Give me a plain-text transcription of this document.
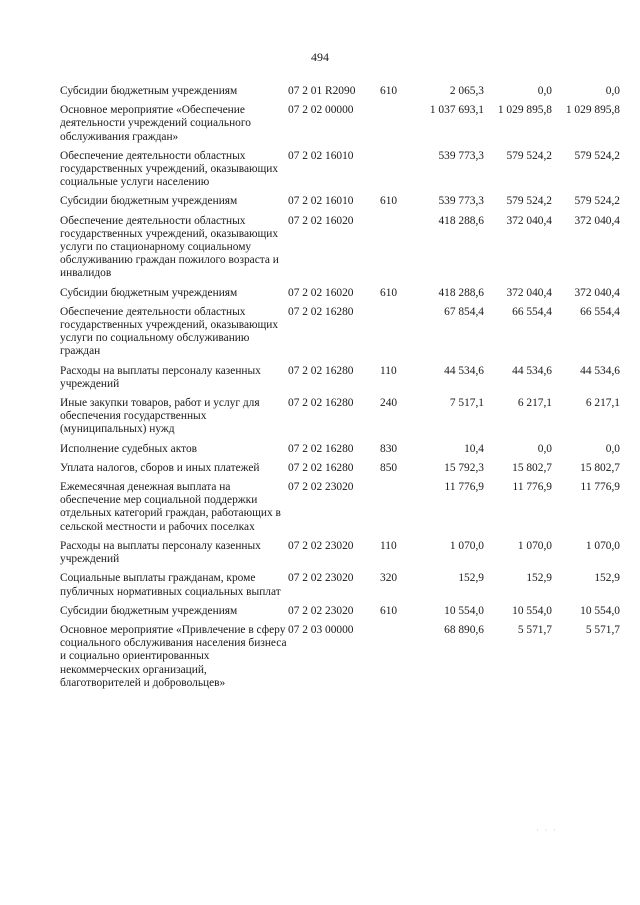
494
Субсидии бюджетным учреждениям	07 2 01 R2090	610	2 065,3	0,0	0,0
Основное мероприятие «Обеспечение деятельности учреждений социального обслуживания граждан»	07 2 02 00000		1 037 693,1	1 029 895,8	1 029 895,8
Обеспечение деятельности областных государственных учреждений, оказывающих социальные услуги населению	07 2 02 16010		539 773,3	579 524,2	579 524,2
Субсидии бюджетным учреждениям	07 2 02 16010	610	539 773,3	579 524,2	579 524,2
Обеспечение деятельности областных государственных учреждений, оказывающих услуги по стационарному социальному обслуживанию граждан пожилого возраста и инвалидов	07 2 02 16020		418 288,6	372 040,4	372 040,4
Субсидии бюджетным учреждениям	07 2 02 16020	610	418 288,6	372 040,4	372 040,4
Обеспечение деятельности областных государственных учреждений, оказывающих услуги по социальному обслуживанию граждан	07 2 02 16280		67 854,4	66 554,4	66 554,4
Расходы на выплаты персоналу казенных учреждений	07 2 02 16280	110	44 534,6	44 534,6	44 534,6
Иные закупки товаров, работ и услуг для обеспечения государственных (муниципальных) нужд	07 2 02 16280	240	7 517,1	6 217,1	6 217,1
Исполнение судебных актов	07 2 02 16280	830	10,4	0,0	0,0
Уплата налогов, сборов и иных платежей	07 2 02 16280	850	15 792,3	15 802,7	15 802,7
Ежемесячная денежная выплата на обеспечение мер социальной поддержки отдельных категорий граждан, работающих в сельской местности и рабочих поселках	07 2 02 23020		11 776,9	11 776,9	11 776,9
Расходы на выплаты персоналу казенных учреждений	07 2 02 23020	110	1 070,0	1 070,0	1 070,0
Социальные выплаты гражданам, кроме публичных нормативных социальных выплат	07 2 02 23020	320	152,9	152,9	152,9
Субсидии бюджетным учреждениям	07 2 02 23020	610	10 554,0	10 554,0	10 554,0
Основное мероприятие «Привлечение в сферу социального обслуживания населения бизнеса и социально ориентированных некоммерческих организаций, благотворителей и добровольцев»	07 2 03 00000		68 890,6	5 571,7	5 571,7
· · ·
